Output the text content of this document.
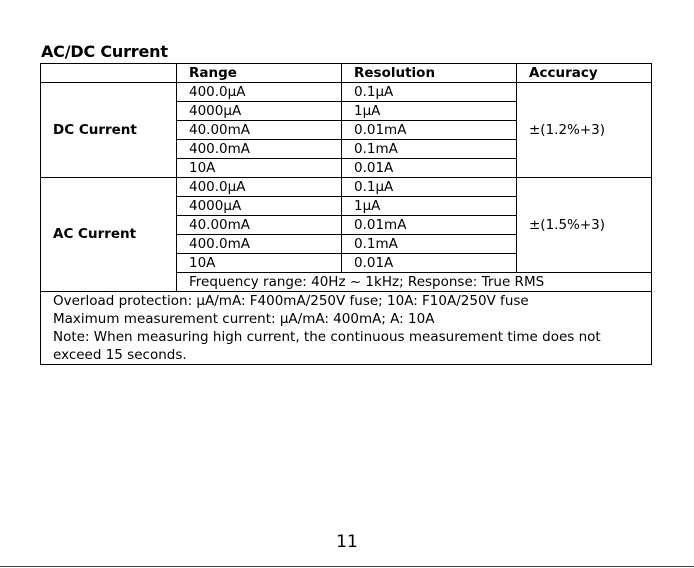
AC/DC Current
	Range	Resolution	Accuracy
DC Current	400.0μA	0.1μA	±(1.2%+3)
	4000μA	1μA	
	40.00mA	0.01mA	
	400.0mA	0.1mA	
	10A	0.01A	
AC Current	400.0μA	0.1μA	±(1.5%+3)
	4000μA	1μA	
	40.00mA	0.01mA	
	400.0mA	0.1mA	
	10A	0.01A	
	Frequency range: 40Hz ~ 1kHz; Response: True RMS		

Overload protection: μA/mA: F400mA/250V fuse; 10A: F10A/250V fuse
Maximum measurement current: μA/mA: 400mA; A: 10A
Note: When measuring high current, the continuous measurement time does not exceed 15 seconds.			
11
